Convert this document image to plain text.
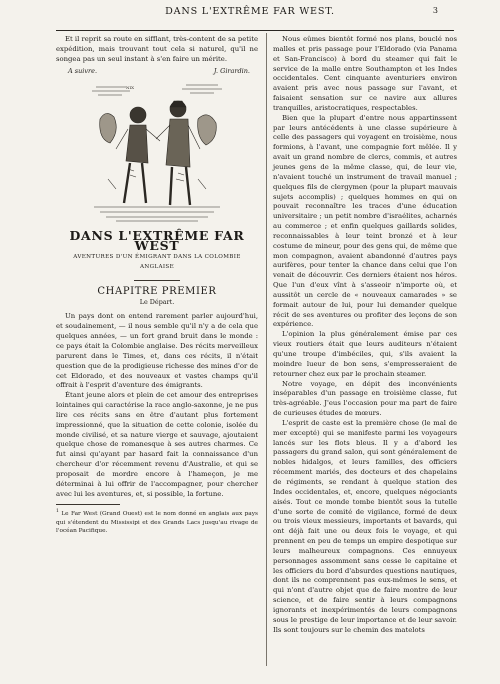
DANS L'EXTRÊME FAR WEST.	3

Et il reprit sa route en sifflant, très-content de sa petite expédition, mais trouvant tout cela si naturel, qu'il ne songea pas un seul instant à s'en faire un mérite.

A suivre.	J. Girardin.
NIX
DANS L'EXTRÊME FAR WEST
AVENTURES D'UN ÉMIGRANT DANS LA COLOMBIE ANGLAISE
CHAPITRE PREMIER
Le Départ.

Un pays dont on entend rarement parler aujourd'hui, et soudainement, — il nous semble qu'il n'y a de cela que quelques années, — un fort grand bruit dans le monde : ce pays était la Colombie anglaise. Des récits merveilleux parurent dans le Times, et, dans ces récits, il n'était question que de la prodigieuse richesse des mines d'or de cet Eldorado, et des nouveaux et vastes champs qu'il offrait à l'esprit d'aventure des émigrants.

Étant jeune alors et plein de cet amour des entreprises lointaines qui caractérise la race anglo-saxonne, je ne pus lire ces récits sans en être d'autant plus fortement impressionné, que la situation de cette colonie, isolée du monde civilisé, et sa nature vierge et sauvage, ajoutaient quelque chose de romanesque à ses autres charmes. Ce fut ainsi qu'ayant par hasard fait la connaissance d'un chercheur d'or récemment revenu d'Australie, et qui se proposait de mordre encore à l'hameçon, je me déterminai à lui offrir de l'accompagner, pour chercher avec lui les aventures, et, si possible, la fortune.

$^1$ Le Far West (Grand Ouest) est le nom donné en anglais aux pays qui s'étendent du Mississipi et des Grands Lacs jusqu'au rivage de l'océan Pacifique.

Nous eûmes bientôt formé nos plans, bouclé nos malles et pris passage pour l'Eldorado (via Panama et San-Francisco) à bord du steamer qui fait le service de la malle entre Southampton et les Indes occidentales. Cent cinquante aventuriers environ avaient pris avec nous passage sur l'avant, et faisaient sensation sur ce navire aux allures tranquilles, aristocratiques, respectables.

Bien que la plupart d'entre nous appartinssent par leurs antécédents à une classe supérieure à celle des passagers qui voyagent en troisième, nous formions, à l'avant, une compagnie fort mêlée. Il y avait un grand nombre de clercs, commis, et autres jeunes gens de la même classe, qui, de leur vie, n'avaient touché un instrument de travail manuel ; quelques fils de clergymen (pour la plupart mauvais sujets accomplis) ; quelques hommes en qui on pouvait reconnaître les traces d'une éducation universitaire ; un petit nombre d'israélites, acharnés au commerce ; et enfin quelques gaillards solides, reconnaissables à leur teint bronzé et à leur costume de mineur, pour des gens qui, de même que mon compagnon, avaient abandonné d'autres pays aurifères, pour tenter la chance dans celui que l'on venait de découvrir. Ces derniers étaient nos héros. Que l'un d'eux vînt à s'asseoir n'importe où, et aussitôt un cercle de « nouveaux camarades » se formait autour de lui, pour lui demander quelque récit de ses aventures ou profiter des leçons de son expérience.

L'opinion la plus généralement émise par ces vieux routiers était que leurs auditeurs n'étaient qu'une troupe d'imbéciles, qui, s'ils avaient la moindre lueur de bon sens, s'empresseraient de retourner chez eux par le prochain steamer.

Notre voyage, en dépit des inconvénients inséparables d'un passage en troisième classe, fut très-agréable. J'eus l'occasion pour ma part de faire de curieuses études de mœurs.

L'esprit de caste est la première chose (le mal de mer excepté) qui se manifeste parmi les voyageurs lancés sur les flots bleus. Il y a d'abord les passagers du grand salon, qui sont généralement de nobles hidalgos, et leurs familles, des officiers récemment mariés, des docteurs et des chapelains de régiments, se rendant à quelque station des Indes occidentales, et, encore, quelques négociants aisés. Tout ce monde tombe bientôt sous la tutelle d'une sorte de comité de vigilance, formé de deux ou trois vieux messieurs, importants et bavards, qui ont déjà fait une ou deux fois le voyage, et qui prennent en peu de temps un empire despotique sur leurs malheureux compagnons. Ces ennuyeux personnages assomment sans cesse le capitaine et les officiers du bord d'absurdes questions nautiques, dont ils ne comprennent pas eux-mêmes le sens, et qui n'ont d'autre objet que de faire montre de leur science, et de faire sentir à leurs compagnons ignorants et inexpérimentés de leurs compagnons sous le prestige de leur importance et de leur savoir. Ils sont toujours sur le chemin des matelots
